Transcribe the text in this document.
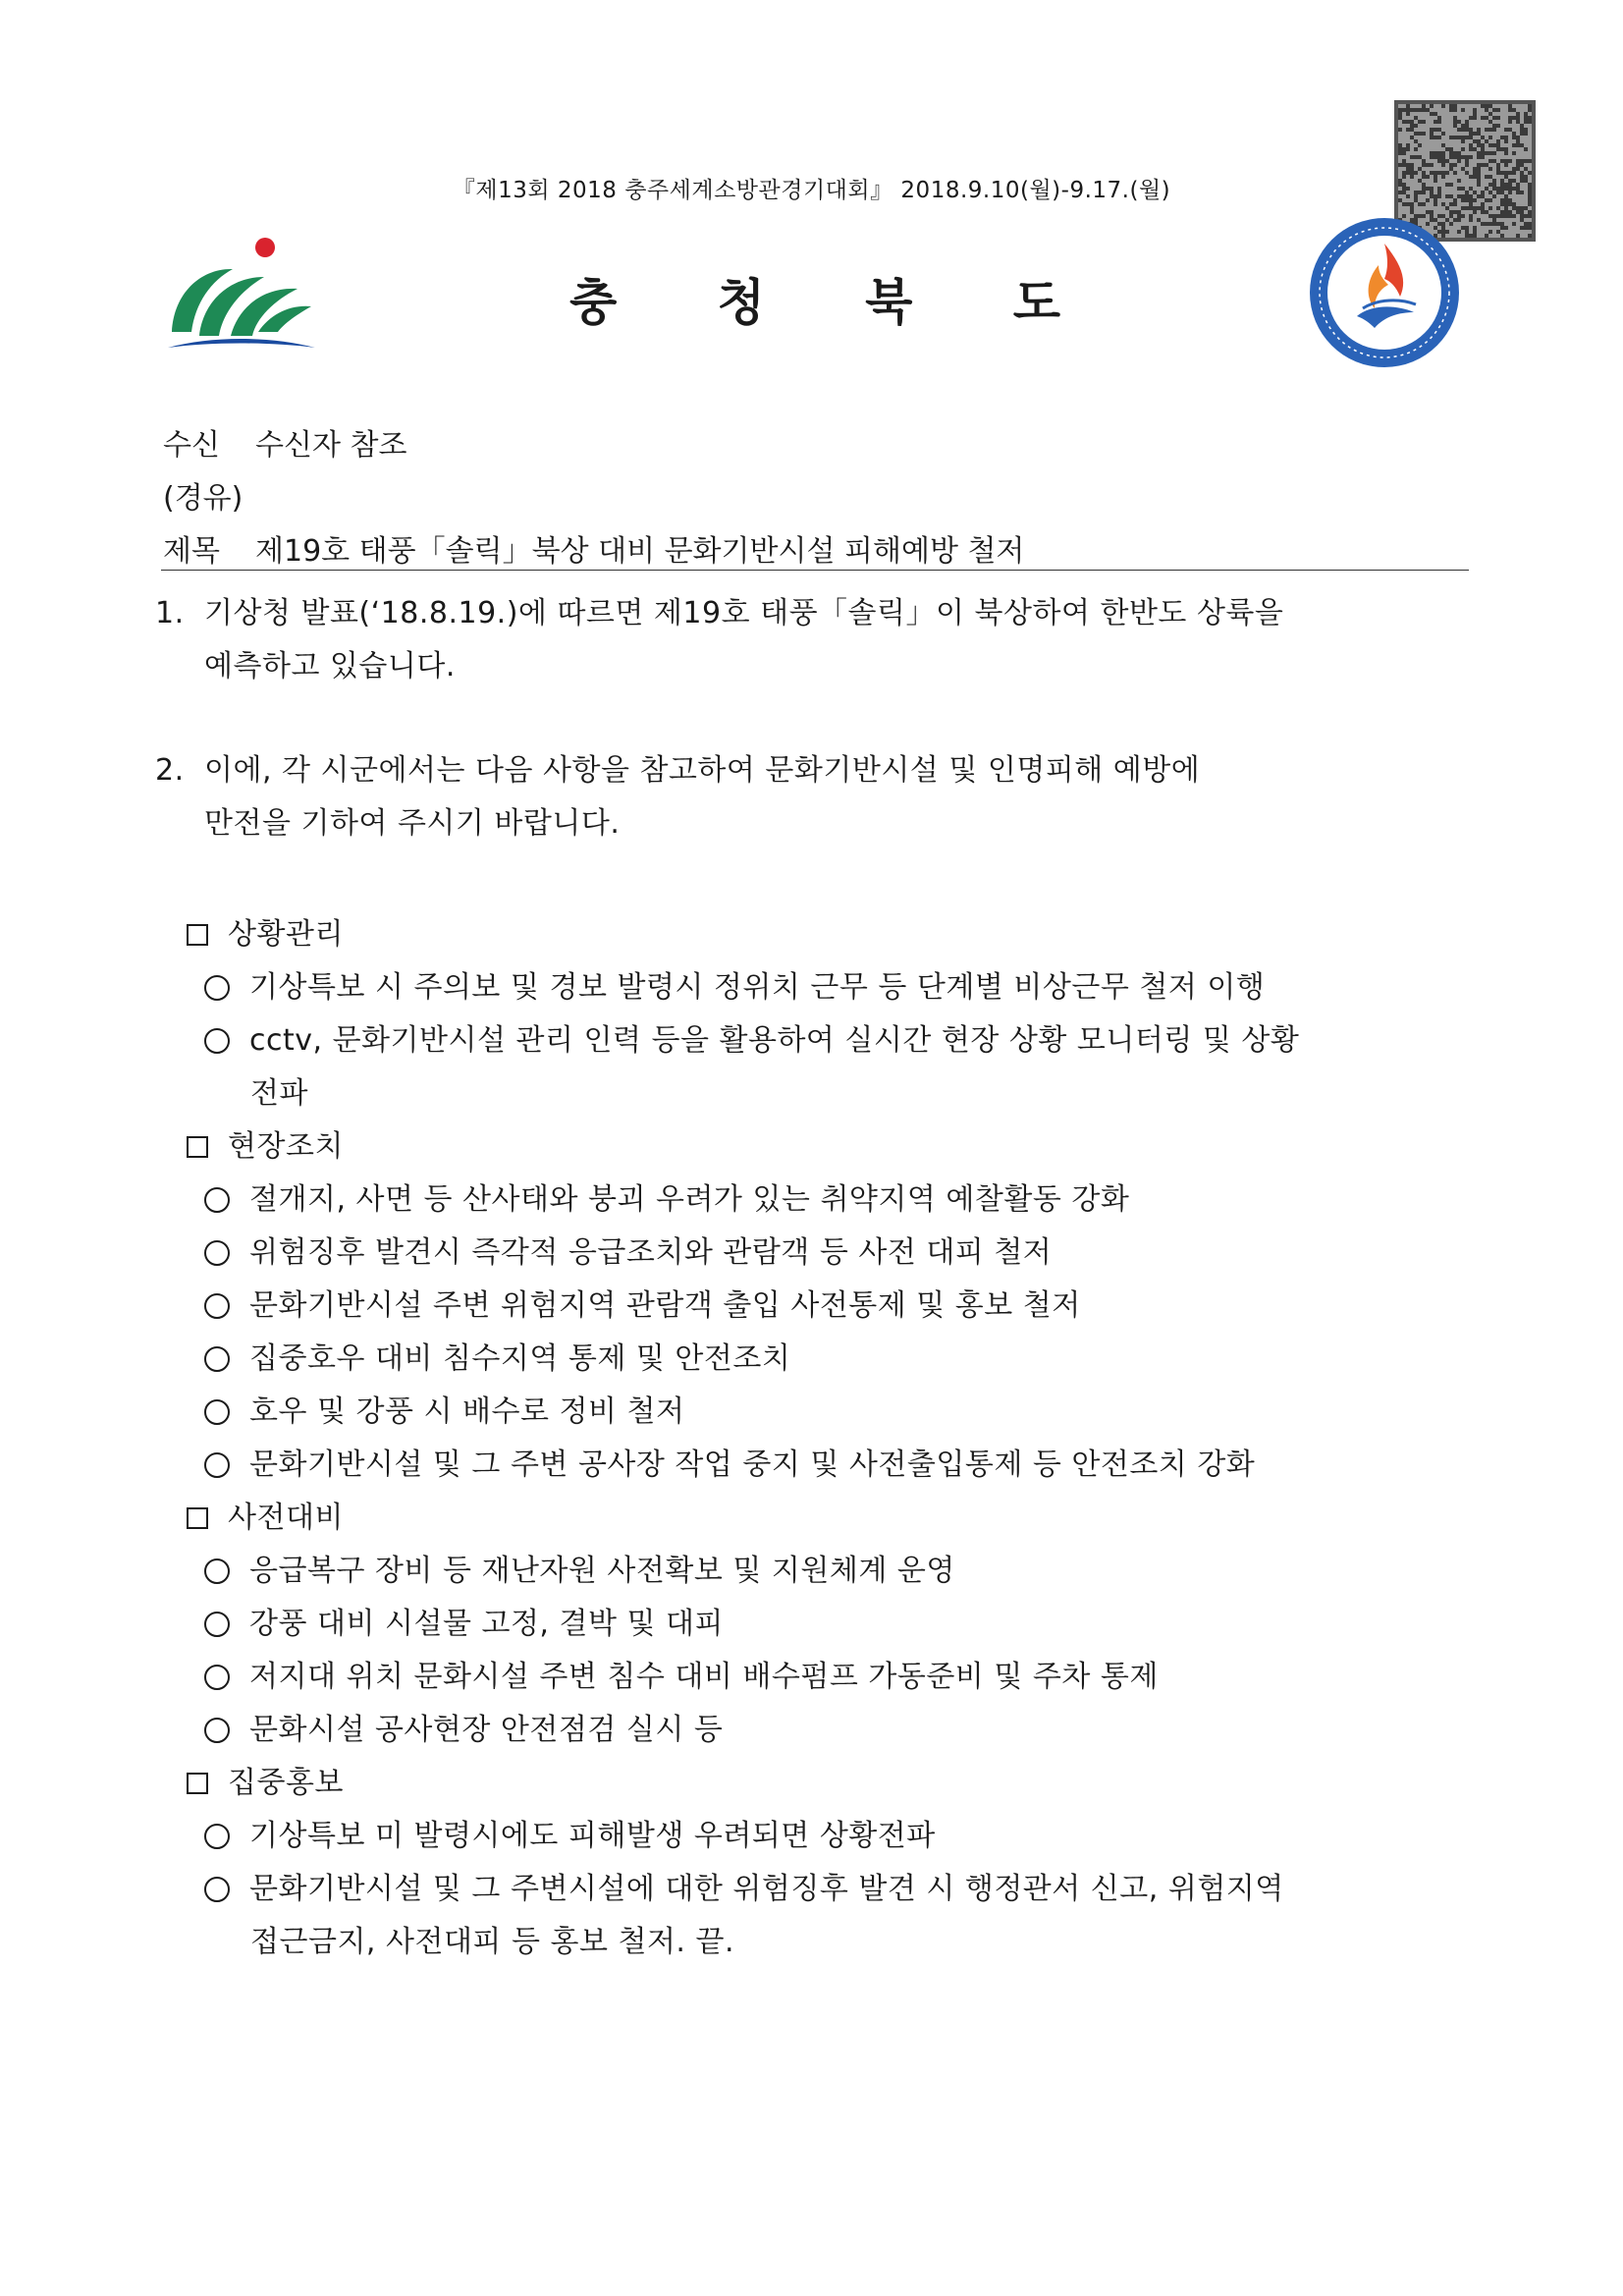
『제13회 2018 충주세계소방관경기대회』 2018.9.10(월)-9.17.(월)
충 청 북 도
수신 수신자 참조
(경유)
제목 제19호 태풍「솔릭」북상 대비 문화기반시설 피해예방 철저
1. 기상청 발표(‘18.8.19.)에 따르면 제19호 태풍「솔릭」이 북상하여 한반도 상륙을
예측하고 있습니다.
2. 이에, 각 시군에서는 다음 사항을 참고하여 문화기반시설 및 인명피해 예방에
만전을 기하여 주시기 바랍니다.
상황관리
기상특보 시 주의보 및 경보 발령시 정위치 근무 등 단계별 비상근무 철저 이행
cctv, 문화기반시설 관리 인력 등을 활용하여 실시간 현장 상황 모니터링 및 상황
전파
현장조치
절개지, 사면 등 산사태와 붕괴 우려가 있는 취약지역 예찰활동 강화
위험징후 발견시 즉각적 응급조치와 관람객 등 사전 대피 철저
문화기반시설 주변 위험지역 관람객 출입 사전통제 및 홍보 철저
집중호우 대비 침수지역 통제 및 안전조치
호우 및 강풍 시 배수로 정비 철저
문화기반시설 및 그 주변 공사장 작업 중지 및 사전출입통제 등 안전조치 강화
사전대비
응급복구 장비 등 재난자원 사전확보 및 지원체계 운영
강풍 대비 시설물 고정, 결박 및 대피
저지대 위치 문화시설 주변 침수 대비 배수펌프 가동준비 및 주차 통제
문화시설 공사현장 안전점검 실시 등
집중홍보
기상특보 미 발령시에도 피해발생 우려되면 상황전파
문화기반시설 및 그 주변시설에 대한 위험징후 발견 시 행정관서 신고, 위험지역
접근금지, 사전대피 등 홍보 철저. 끝.
